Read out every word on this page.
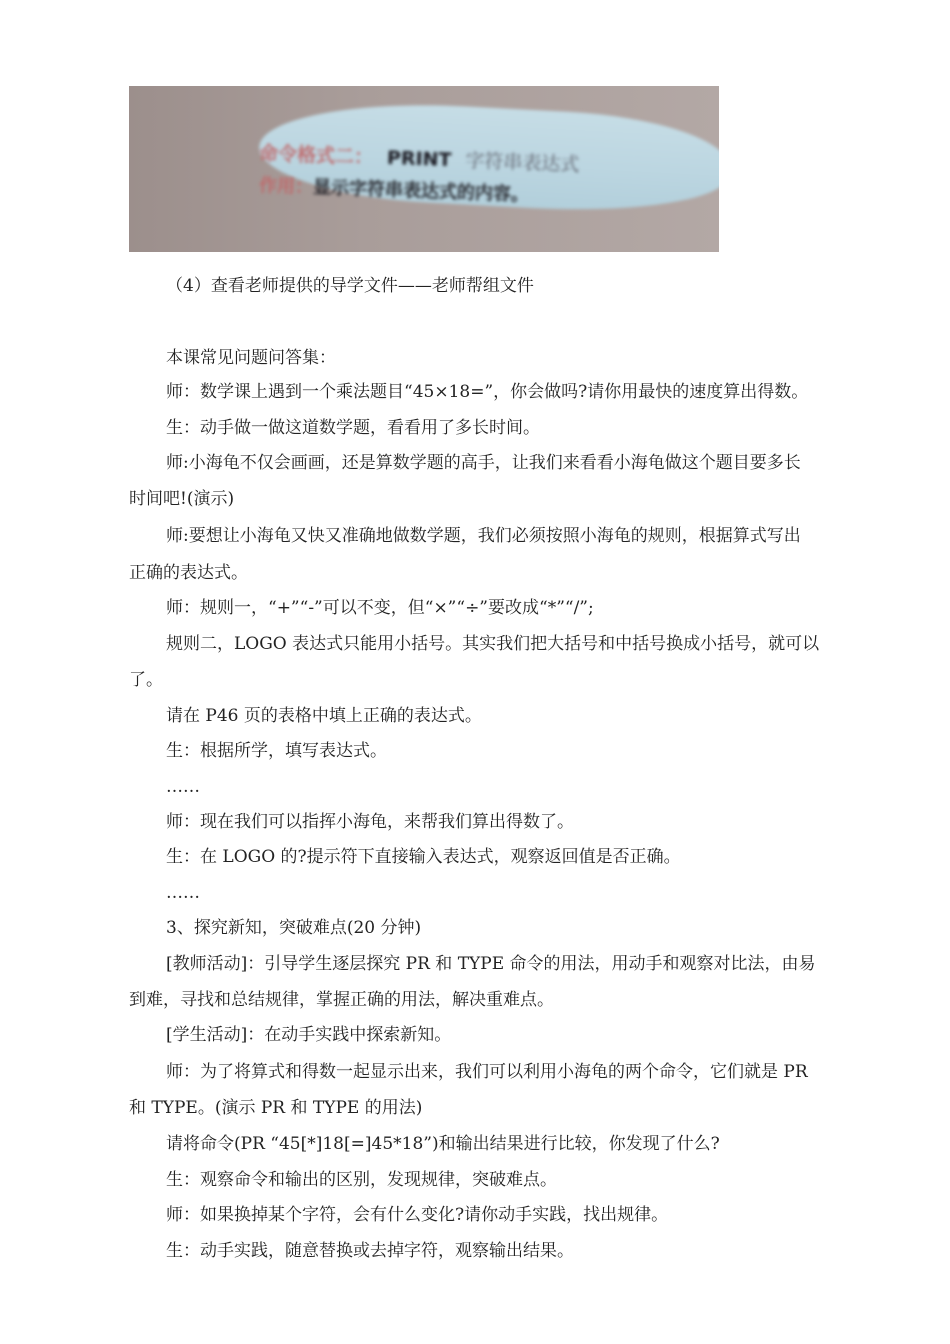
命令格式二： PRINT 字符串表达式
作用：显示字符串表达式的内容。
（4）查看老师提供的导学文件——老师帮组文件
本课常见问题问答集：
师：数学课上遇到一个乘法题目“45×18=”，你会做吗?请你用最快的速度算出得数。
生：动手做一做这道数学题，看看用了多长时间。
师:小海龟不仅会画画，还是算数学题的高手，让我们来看看小海龟做这个题目要多长
时间吧!(演示)
师:要想让小海龟又快又准确地做数学题，我们必须按照小海龟的规则，根据算式写出
正确的表达式。
师：规则一，“+”“-”可以不变，但“×”“÷”要改成“*”“/”;
规则二，LOGO 表达式只能用小括号。其实我们把大括号和中括号换成小括号，就可以
了。
请在 P46 页的表格中填上正确的表达式。
生：根据所学，填写表达式。
……
师：现在我们可以指挥小海龟，来帮我们算出得数了。
生：在 LOGO 的?提示符下直接输入表达式，观察返回值是否正确。
……
3、探究新知，突破难点(20 分钟)
[教师活动]：引导学生逐层探究 PR 和 TYPE 命令的用法，用动手和观察对比法，由易
到难，寻找和总结规律，掌握正确的用法，解决重难点。
[学生活动]：在动手实践中探索新知。
师：为了将算式和得数一起显示出来，我们可以利用小海龟的两个命令，它们就是 PR
和 TYPE。(演示 PR 和 TYPE 的用法)
请将命令(PR “45[*]18[=]45*18”)和输出结果进行比较，你发现了什么?
生：观察命令和输出的区别，发现规律，突破难点。
师：如果换掉某个字符，会有什么变化?请你动手实践，找出规律。
生：动手实践，随意替换或去掉字符，观察输出结果。
